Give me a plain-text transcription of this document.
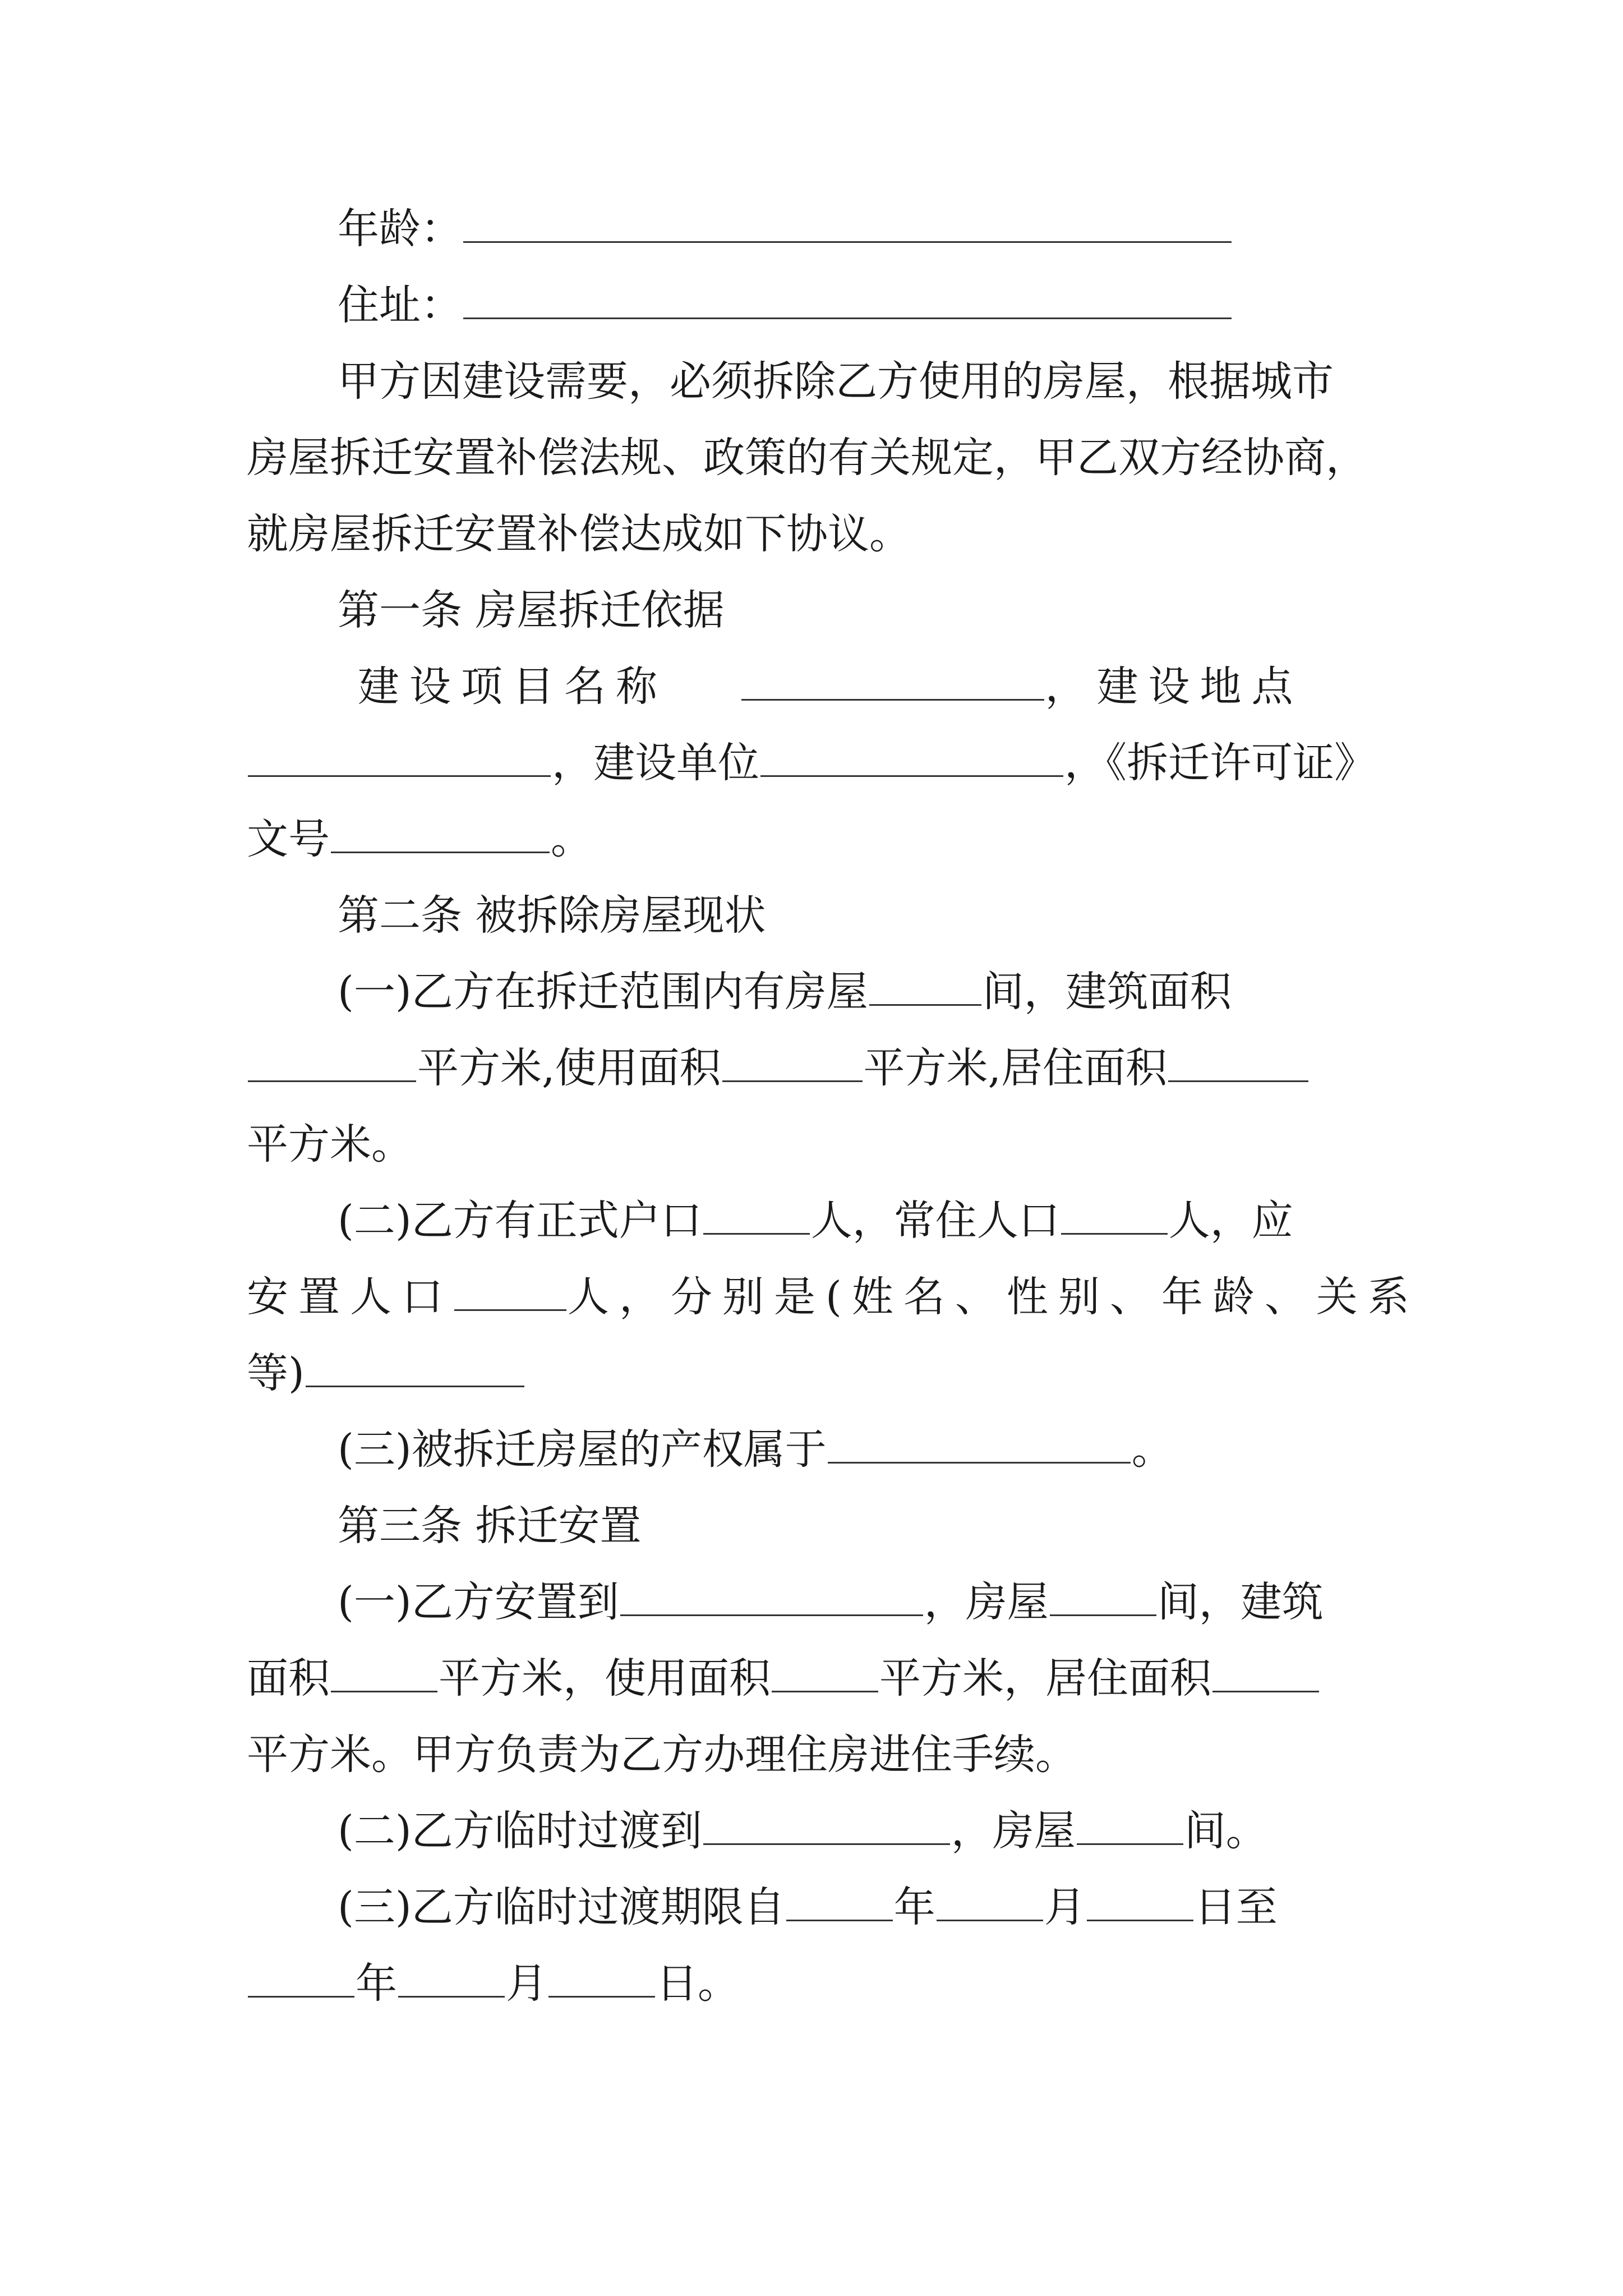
年龄：
住址：
甲方因建设需要，必须拆除乙方使用的房屋，根据城市
房屋拆迁安置补偿法规、政策的有关规定，甲乙双方经协商，
就房屋拆迁安置补偿达成如下协议。
第一条 房屋拆迁依据
建设项目名称	，建设地点
，建设单位	，《拆迁许可证》
文号	。
第二条 被拆除房屋现状
(一)乙方在拆迁范围内有房屋	间，建筑面积
平方米,使用面积	平方米,居住面积
平方米。
(二)乙方有正式户口	人，常住人口	人，应
安置人口	人，分别是(姓名、性别、年龄、关系
等)
(三)被拆迁房屋的产权属于	。
第三条 拆迁安置
(一)乙方安置到	，房屋	间，建筑
面积	平方米，使用面积	平方米，居住面积
平方米。甲方负责为乙方办理住房进住手续。
(二)乙方临时过渡到	，房屋	间。
(三)乙方临时过渡期限自	年	月	日至
年	月	日。
